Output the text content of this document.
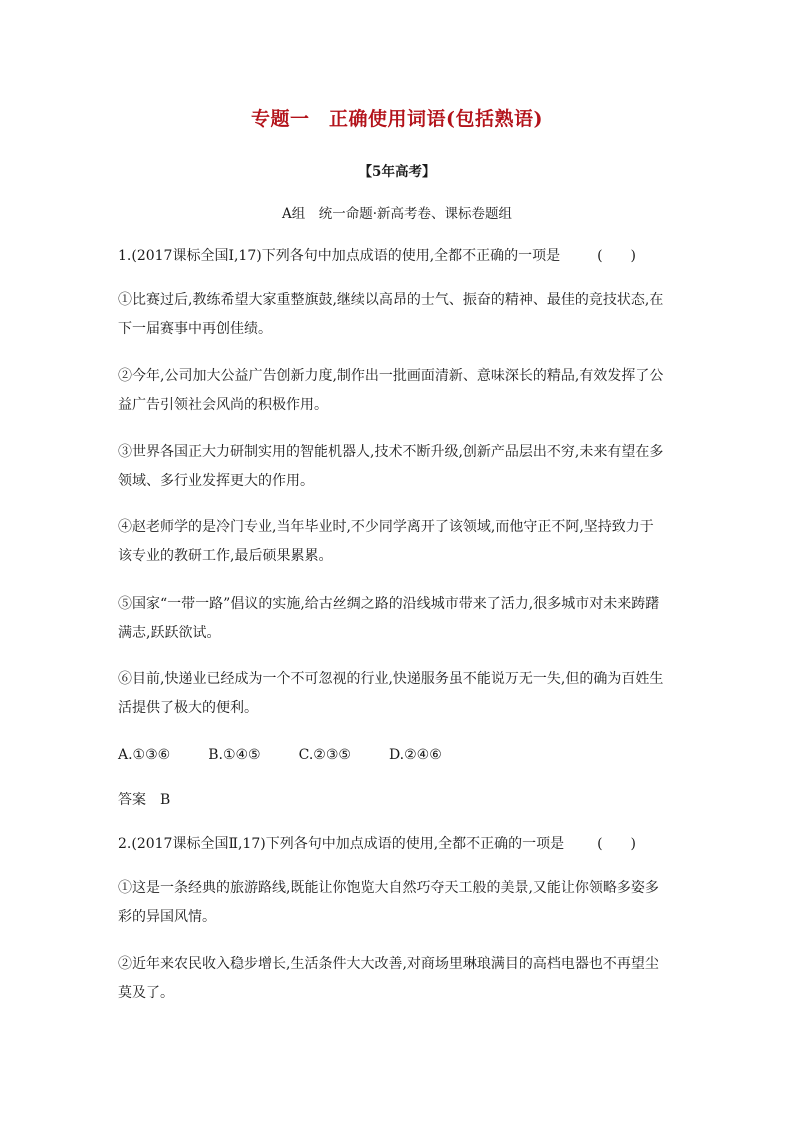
专题一　正确使用词语(包括熟语)
【5年高考】
A组　统一命题·新高考卷、课标卷题组
1.(2017课标全国Ⅰ,17)下列各句中加点成语的使用,全都不正确的一项是	(　　)
①比赛过后,教练希望大家重整旗鼓,继续以高昂的士气、振奋的精神、最佳的竞技状态,在
下一届赛事中再创佳绩。
②今年,公司加大公益广告创新力度,制作出一批画面清新、意味深长的精品,有效发挥了公
益广告引领社会风尚的积极作用。
③世界各国正大力研制实用的智能机器人,技术不断升级,创新产品层出不穷,未来有望在多
领域、多行业发挥更大的作用。
④赵老师学的是冷门专业,当年毕业时,不少同学离开了该领域,而他守正不阿,坚持致力于
该专业的教研工作,最后硕果累累。
⑤国家“一带一路”倡议的实施,给古丝绸之路的沿线城市带来了活力,很多城市对未来踌躇
满志,跃跃欲试。
⑥目前,快递业已经成为一个不可忽视的行业,快递服务虽不能说万无一失,但的确为百姓生
活提供了极大的便利。
A.①③⑥	B.①④⑤	C.②③⑤	D.②④⑥
答案　B
2.(2017课标全国Ⅱ,17)下列各句中加点成语的使用,全都不正确的一项是 (　　)
①这是一条经典的旅游路线,既能让你饱览大自然巧夺天工般的美景,又能让你领略多姿多
彩的异国风情。
②近年来农民收入稳步增长,生活条件大大改善,对商场里琳琅满目的高档电器也不再望尘
莫及了。
